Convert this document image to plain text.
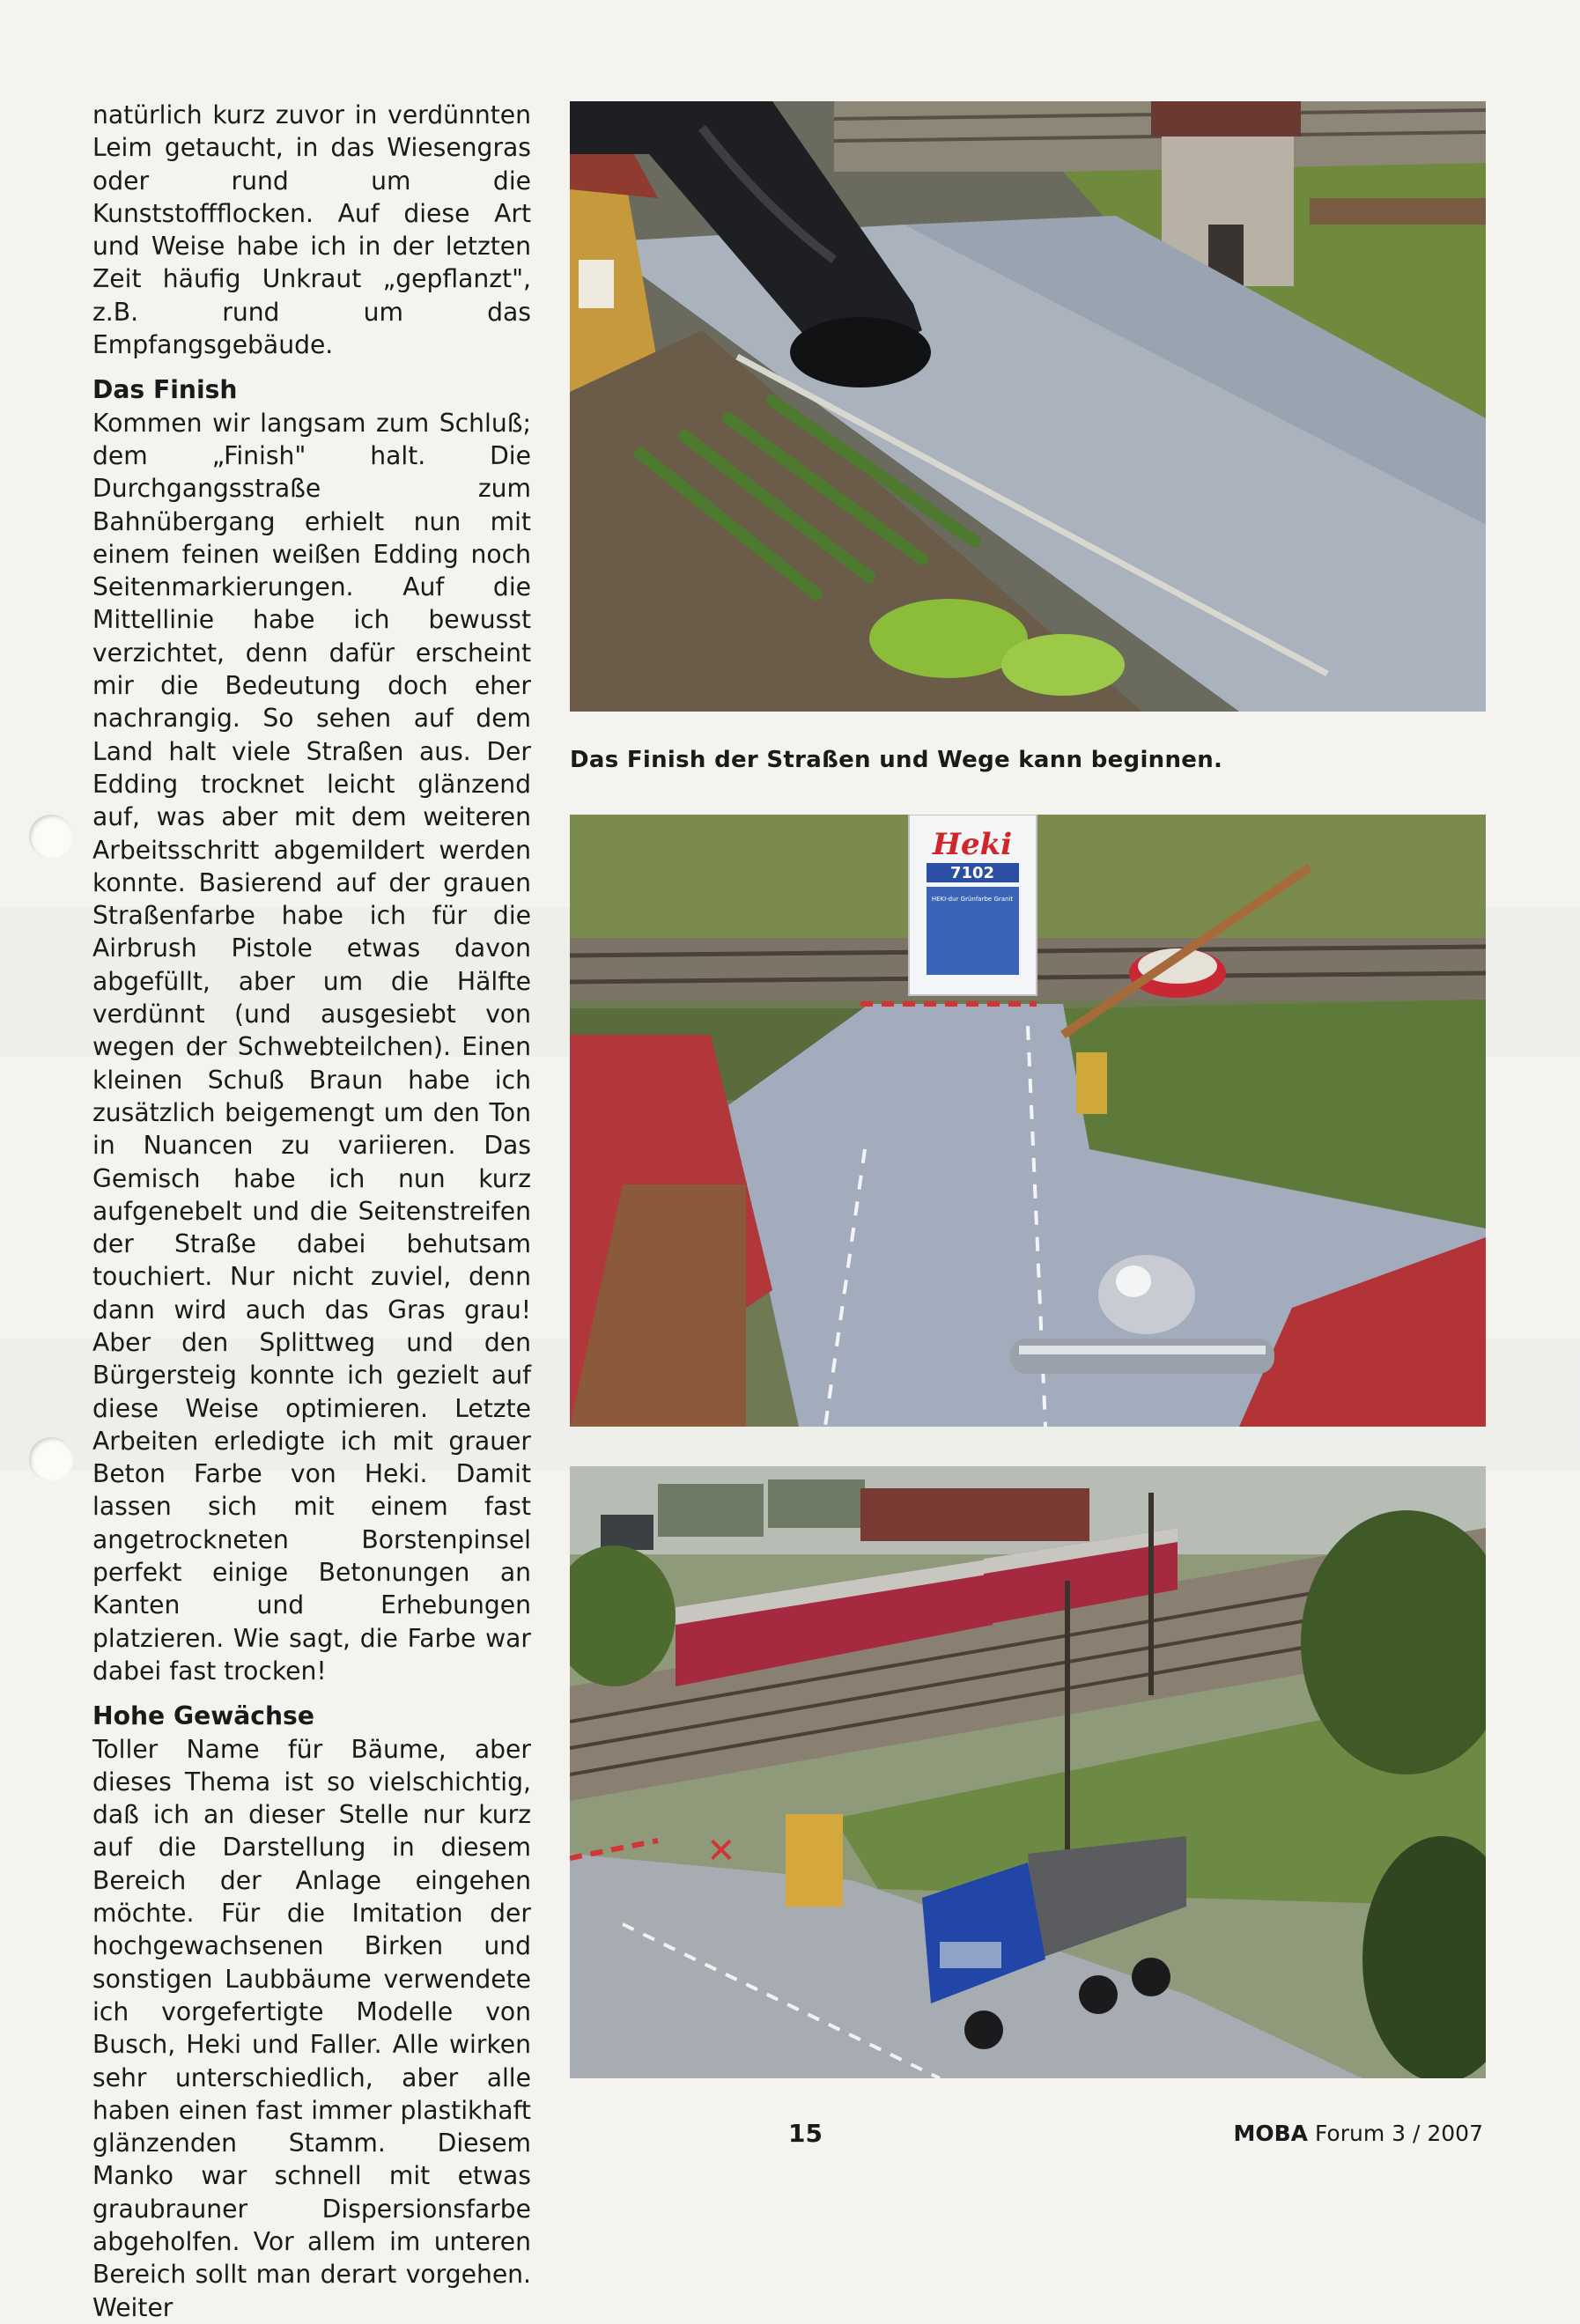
natürlich kurz zuvor in verdünnten Leim getaucht, in das Wiesengras oder rund um die Kunststoffflocken. Auf diese Art und Weise habe ich in der letzten Zeit häufig Unkraut „gepflanzt", z.B. rund um das Empfangsgebäude.

Das Finish

Kommen wir langsam zum Schluß; dem „Finish" halt. Die Durchgangsstraße zum Bahnübergang erhielt nun mit einem feinen weißen Edding noch Seitenmarkierungen. Auf die Mittellinie habe ich bewusst verzichtet, denn dafür erscheint mir die Bedeutung doch eher nachrangig. So sehen auf dem Land halt viele Straßen aus. Der Edding trocknet leicht glänzend auf, was aber mit dem weiteren Arbeitsschritt abgemildert werden konnte. Basierend auf der grauen Straßenfarbe habe ich für die Airbrush Pistole etwas davon abgefüllt, aber um die Hälfte verdünnt (und ausgesiebt von wegen der Schwebteilchen). Einen kleinen Schuß Braun habe ich zusätzlich beigemengt um den Ton in Nuancen zu variieren. Das Gemisch habe ich nun kurz aufgenebelt und die Seitenstreifen der Straße dabei behutsam touchiert. Nur nicht zuviel, denn dann wird auch das Gras grau! Aber den Splittweg und den Bürgersteig konnte ich gezielt auf diese Weise optimieren. Letzte Arbeiten erledigte ich mit grauer Beton Farbe von Heki. Damit lassen sich mit einem fast angetrockneten Borstenpinsel perfekt einige Betonungen an Kanten und Erhebungen platzieren. Wie sagt, die Farbe war dabei fast trocken!

Hohe Gewächse

Toller Name für Bäume, aber dieses Thema ist so vielschichtig, daß ich an dieser Stelle nur kurz auf die Darstellung in diesem Bereich der Anlage eingehen möchte. Für die Imitation der hochgewachsenen Birken und sonstigen Laubbäume verwendete ich vorgefertigte Modelle von Busch, Heki und Faller. Alle wirken sehr unterschiedlich, aber alle haben einen fast immer plastikhaft glänzenden Stamm. Diesem Manko war schnell mit etwas graubrauner Dispersionsfarbe abgeholfen. Vor allem im unteren Bereich sollt man derart vorgehen. Weiter

Das Finish der Straßen und Wege kann beginnen.
Heki
7102
HEKI-dur Grünfarbe Granit
✕
15	MOBA Forum 3 / 2007
